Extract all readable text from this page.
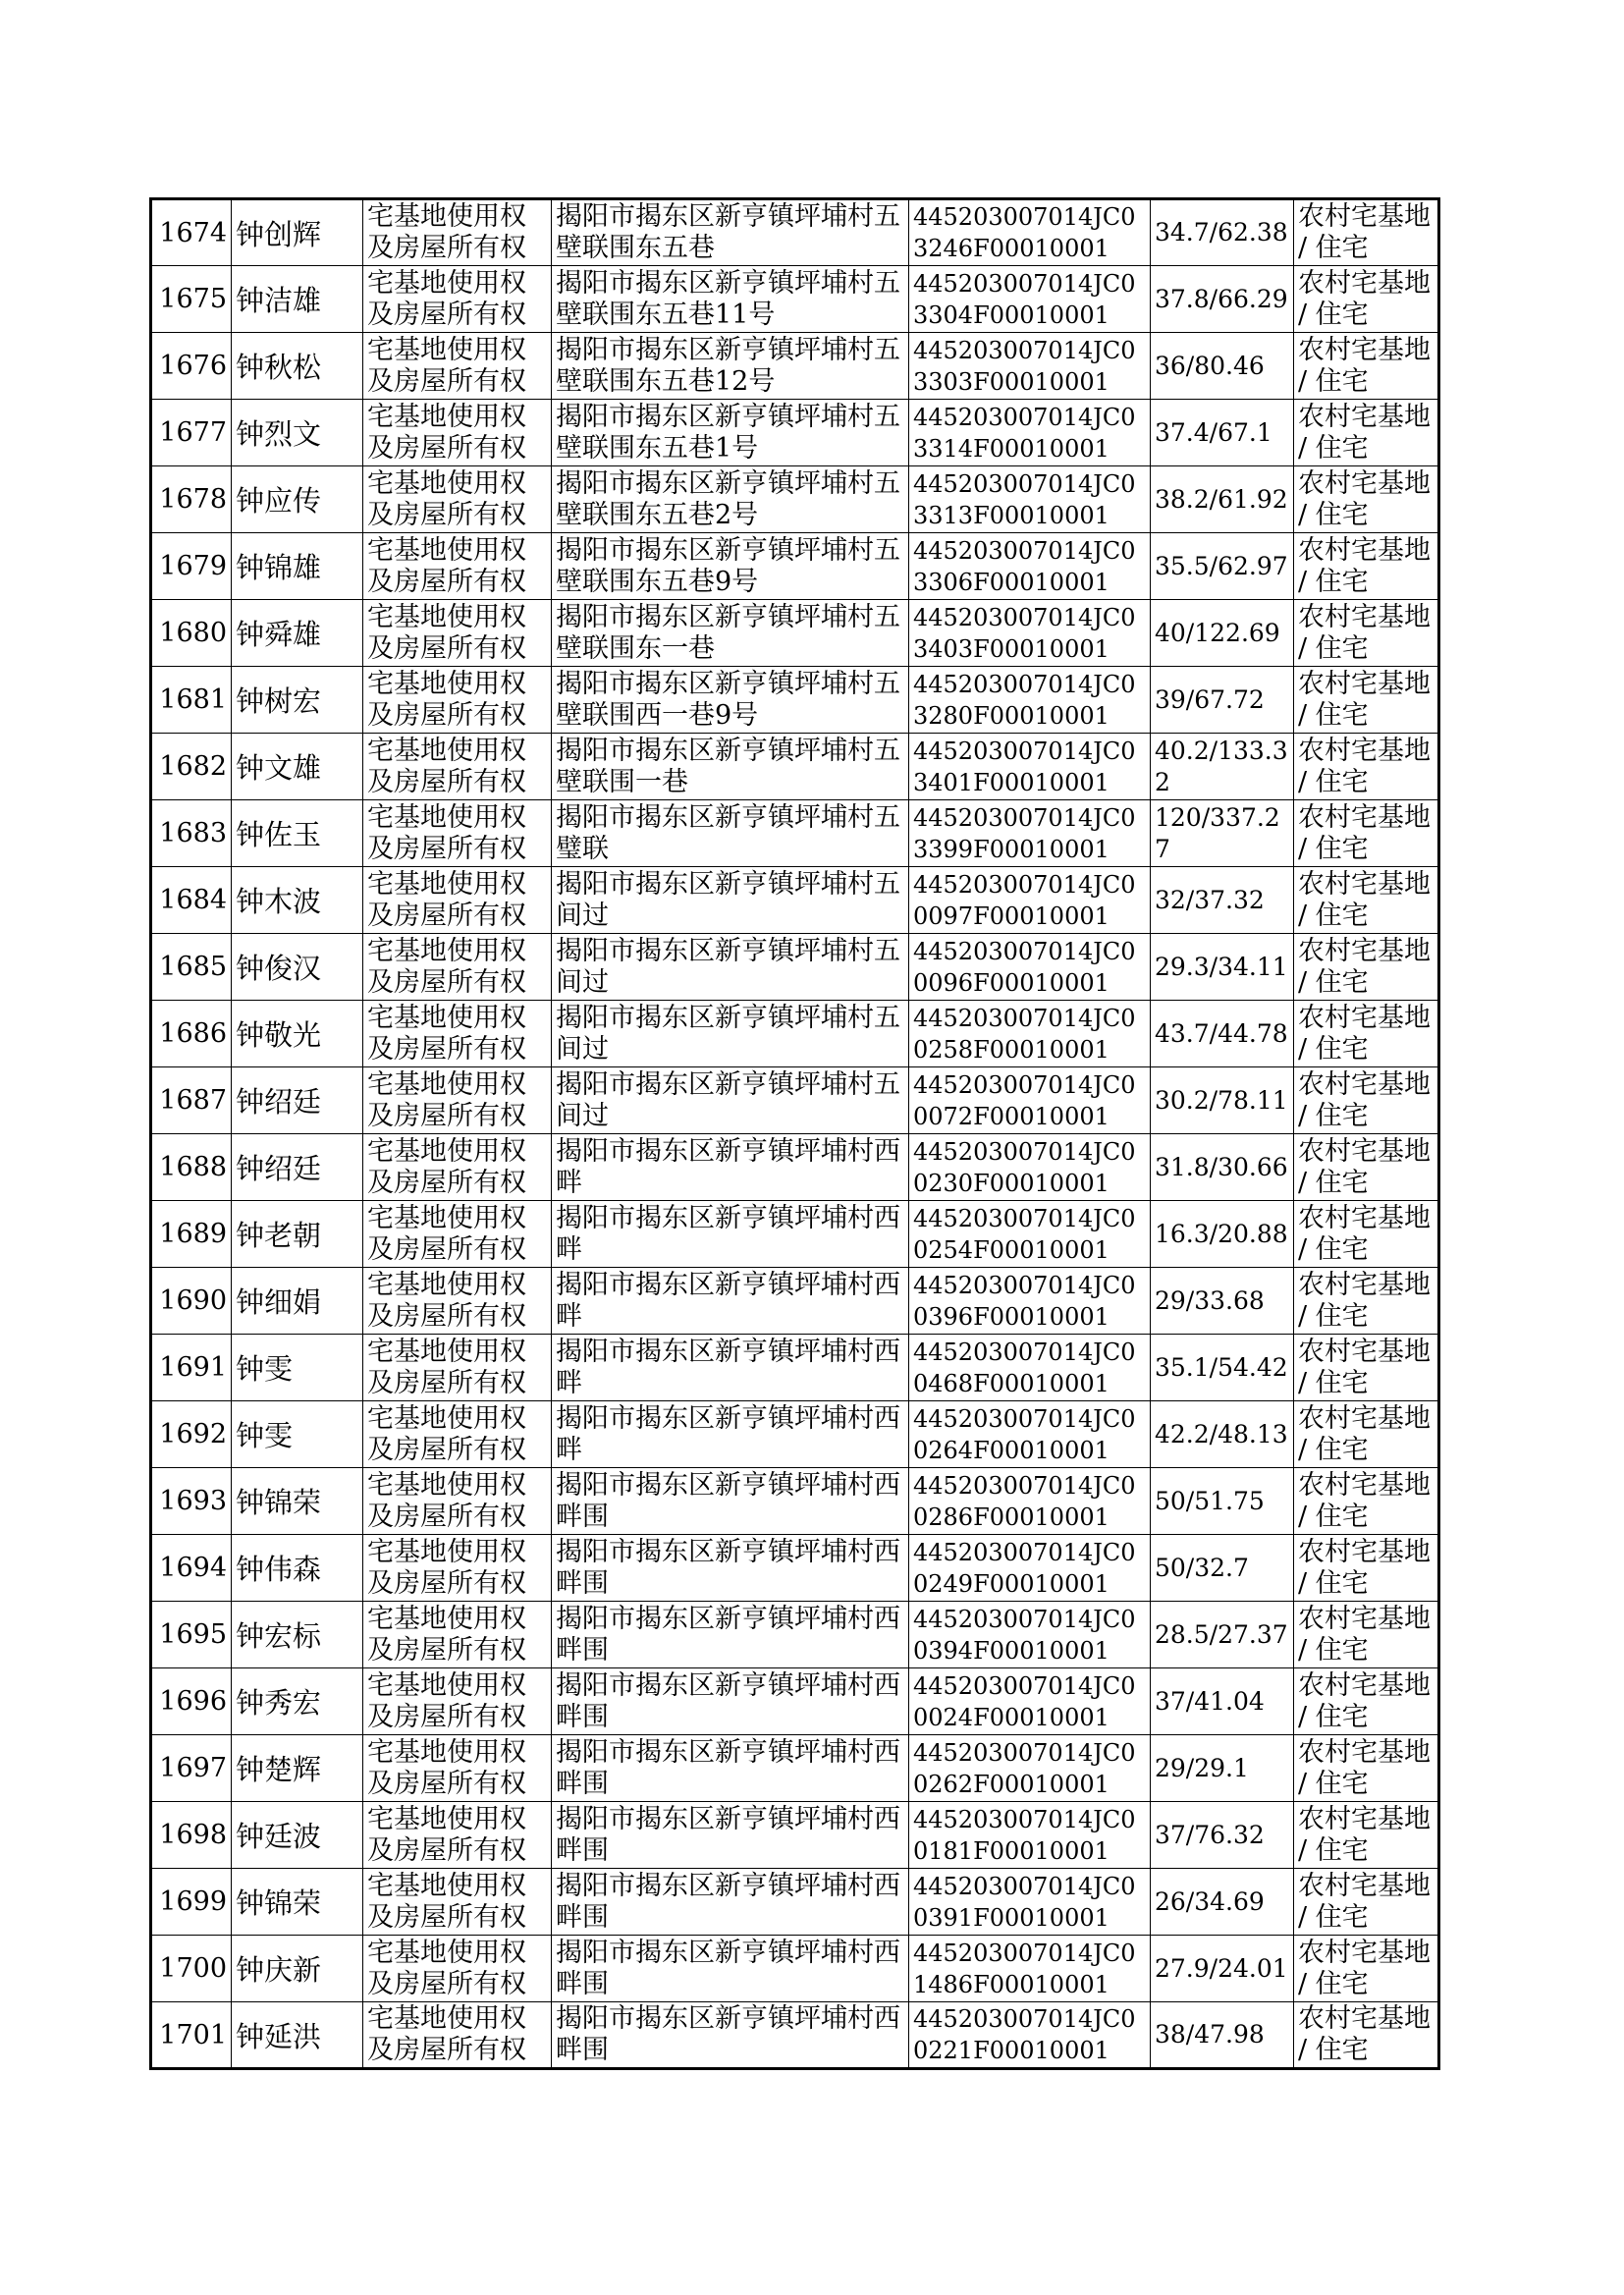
1674	钟创辉	宅基地使用权及房屋所有权	揭阳市揭东区新亨镇坪埔村五壁联围东五巷	445203007014JC03246F00010001	34.7/62.38	农村宅基地 / 住宅
1675	钟洁雄	宅基地使用权及房屋所有权	揭阳市揭东区新亨镇坪埔村五壁联围东五巷11号	445203007014JC03304F00010001	37.8/66.29	农村宅基地 / 住宅
1676	钟秋松	宅基地使用权及房屋所有权	揭阳市揭东区新亨镇坪埔村五壁联围东五巷12号	445203007014JC03303F00010001	36/80.46	农村宅基地 / 住宅
1677	钟烈文	宅基地使用权及房屋所有权	揭阳市揭东区新亨镇坪埔村五壁联围东五巷1号	445203007014JC03314F00010001	37.4/67.1	农村宅基地 / 住宅
1678	钟应传	宅基地使用权及房屋所有权	揭阳市揭东区新亨镇坪埔村五壁联围东五巷2号	445203007014JC03313F00010001	38.2/61.92	农村宅基地 / 住宅
1679	钟锦雄	宅基地使用权及房屋所有权	揭阳市揭东区新亨镇坪埔村五壁联围东五巷9号	445203007014JC03306F00010001	35.5/62.97	农村宅基地 / 住宅
1680	钟舜雄	宅基地使用权及房屋所有权	揭阳市揭东区新亨镇坪埔村五壁联围东一巷	445203007014JC03403F00010001	40/122.69	农村宅基地 / 住宅
1681	钟树宏	宅基地使用权及房屋所有权	揭阳市揭东区新亨镇坪埔村五壁联围西一巷9号	445203007014JC03280F00010001	39/67.72	农村宅基地 / 住宅
1682	钟文雄	宅基地使用权及房屋所有权	揭阳市揭东区新亨镇坪埔村五壁联围一巷	445203007014JC03401F00010001	40.2/133.32	农村宅基地 / 住宅
1683	钟佐玉	宅基地使用权及房屋所有权	揭阳市揭东区新亨镇坪埔村五璧联	445203007014JC03399F00010001	120/337.27	农村宅基地 / 住宅
1684	钟木波	宅基地使用权及房屋所有权	揭阳市揭东区新亨镇坪埔村五间过	445203007014JC00097F00010001	32/37.32	农村宅基地 / 住宅
1685	钟俊汉	宅基地使用权及房屋所有权	揭阳市揭东区新亨镇坪埔村五间过	445203007014JC00096F00010001	29.3/34.11	农村宅基地 / 住宅
1686	钟敬光	宅基地使用权及房屋所有权	揭阳市揭东区新亨镇坪埔村五间过	445203007014JC00258F00010001	43.7/44.78	农村宅基地 / 住宅
1687	钟绍廷	宅基地使用权及房屋所有权	揭阳市揭东区新亨镇坪埔村五间过	445203007014JC00072F00010001	30.2/78.11	农村宅基地 / 住宅
1688	钟绍廷	宅基地使用权及房屋所有权	揭阳市揭东区新亨镇坪埔村西畔	445203007014JC00230F00010001	31.8/30.66	农村宅基地 / 住宅
1689	钟老朝	宅基地使用权及房屋所有权	揭阳市揭东区新亨镇坪埔村西畔	445203007014JC00254F00010001	16.3/20.88	农村宅基地 / 住宅
1690	钟细娟	宅基地使用权及房屋所有权	揭阳市揭东区新亨镇坪埔村西畔	445203007014JC00396F00010001	29/33.68	农村宅基地 / 住宅
1691	钟雯	宅基地使用权及房屋所有权	揭阳市揭东区新亨镇坪埔村西畔	445203007014JC00468F00010001	35.1/54.42	农村宅基地 / 住宅
1692	钟雯	宅基地使用权及房屋所有权	揭阳市揭东区新亨镇坪埔村西畔	445203007014JC00264F00010001	42.2/48.13	农村宅基地 / 住宅
1693	钟锦荣	宅基地使用权及房屋所有权	揭阳市揭东区新亨镇坪埔村西畔围	445203007014JC00286F00010001	50/51.75	农村宅基地 / 住宅
1694	钟伟森	宅基地使用权及房屋所有权	揭阳市揭东区新亨镇坪埔村西畔围	445203007014JC00249F00010001	50/32.7	农村宅基地 / 住宅
1695	钟宏标	宅基地使用权及房屋所有权	揭阳市揭东区新亨镇坪埔村西畔围	445203007014JC00394F00010001	28.5/27.37	农村宅基地 / 住宅
1696	钟秀宏	宅基地使用权及房屋所有权	揭阳市揭东区新亨镇坪埔村西畔围	445203007014JC00024F00010001	37/41.04	农村宅基地 / 住宅
1697	钟楚辉	宅基地使用权及房屋所有权	揭阳市揭东区新亨镇坪埔村西畔围	445203007014JC00262F00010001	29/29.1	农村宅基地 / 住宅
1698	钟廷波	宅基地使用权及房屋所有权	揭阳市揭东区新亨镇坪埔村西畔围	445203007014JC00181F00010001	37/76.32	农村宅基地 / 住宅
1699	钟锦荣	宅基地使用权及房屋所有权	揭阳市揭东区新亨镇坪埔村西畔围	445203007014JC00391F00010001	26/34.69	农村宅基地 / 住宅
1700	钟庆新	宅基地使用权及房屋所有权	揭阳市揭东区新亨镇坪埔村西畔围	445203007014JC01486F00010001	27.9/24.01	农村宅基地 / 住宅
1701	钟延洪	宅基地使用权及房屋所有权	揭阳市揭东区新亨镇坪埔村西畔围	445203007014JC00221F00010001	38/47.98	农村宅基地 / 住宅
